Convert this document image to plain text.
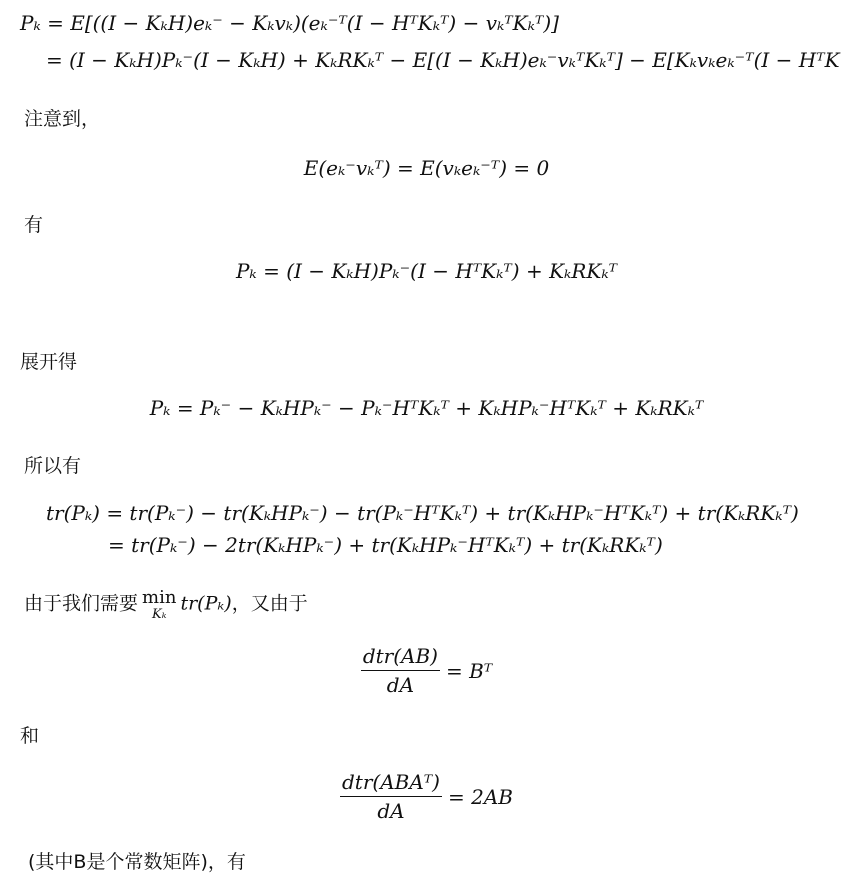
Pₖ = E[((I − KₖH)eₖ⁻ − Kₖvₖ)(eₖ⁻ᵀ(I − HᵀKₖᵀ) − vₖᵀKₖᵀ)]
= (I − KₖH)Pₖ⁻(I − KₖH) + KₖRKₖᵀ − E[(I − KₖH)eₖ⁻vₖᵀKₖᵀ] − E[Kₖvₖeₖ⁻ᵀ(I − HᵀK
注意到，
E(eₖ⁻vₖᵀ) = E(vₖeₖ⁻ᵀ) = 0
有
Pₖ = (I − KₖH)Pₖ⁻(I − HᵀKₖᵀ) + KₖRKₖᵀ
展开得
Pₖ = Pₖ⁻ − KₖHPₖ⁻ − Pₖ⁻HᵀKₖᵀ + KₖHPₖ⁻HᵀKₖᵀ + KₖRKₖᵀ
所以有
tr(Pₖ) = tr(Pₖ⁻) − tr(KₖHPₖ⁻) − tr(Pₖ⁻HᵀKₖᵀ) + tr(KₖHPₖ⁻HᵀKₖᵀ) + tr(KₖRKₖᵀ)
= tr(Pₖ⁻) − 2tr(KₖHPₖ⁻) + tr(KₖHPₖ⁻HᵀKₖᵀ) + tr(KₖRKₖᵀ)
由于我们需要 min
Kₖ tr(Pₖ)，又由于
$\frac{\text{dtr(AB)}}{dA}$ = Bᵀ
和
$\frac{\text{dtr(ABAᵀ)}}{dA} = 2AB$
(其中B是个常数矩阵)，有
